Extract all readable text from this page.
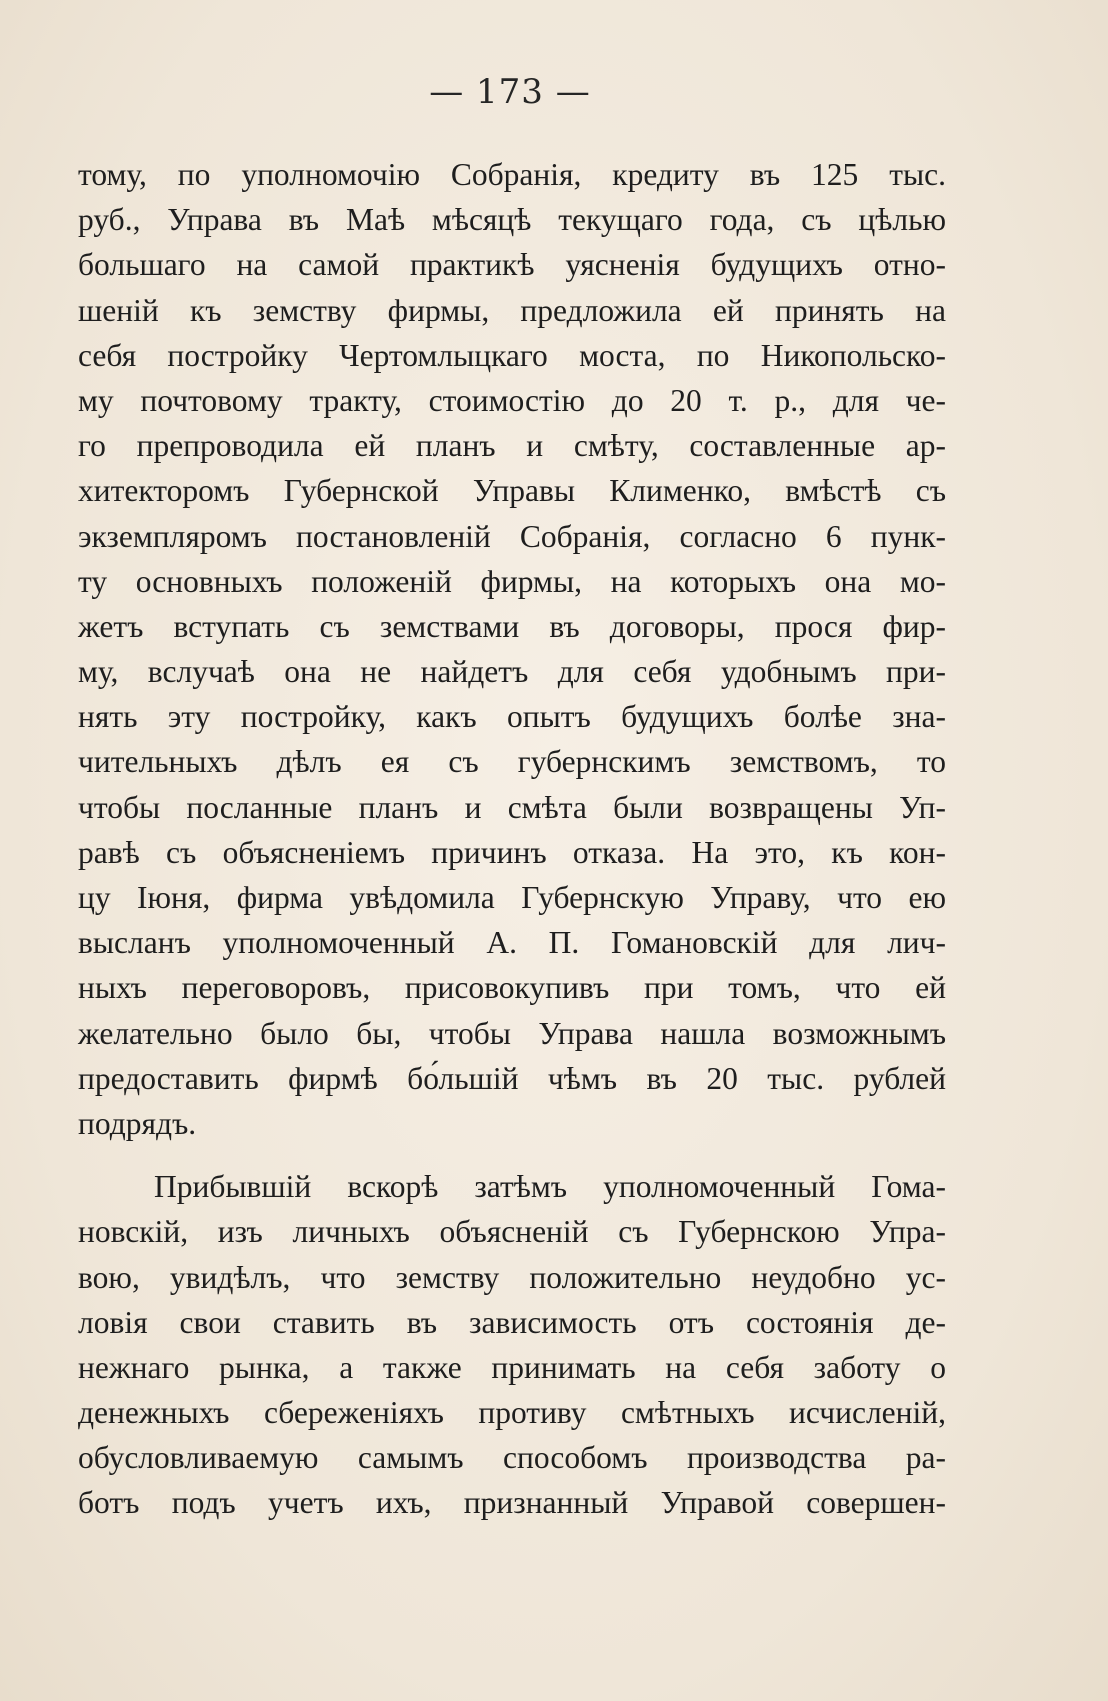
— 173 —
тому, по уполномочію Собранія, кредиту въ 125 тыс.
руб., Управа въ Маѣ мѣсяцѣ текущаго года, съ цѣлью
большаго на самой практикѣ уясненія будущихъ отно-
шеній къ земству фирмы, предложила ей принять на
себя постройку Чертомлыцкаго моста, по Никопольско-
му почтовому тракту, стоимостію до 20 т. р., для че-
го препроводила ей планъ и смѣту, составленные ар-
хитекторомъ Губернской Управы Клименко, вмѣстѣ съ
экземпляромъ постановленій Собранія, согласно 6 пунк-
ту основныхъ положеній фирмы, на которыхъ она мо-
жетъ вступать съ земствами въ договоры, прося фир-
му, вслучаѣ она не найдетъ для себя удобнымъ при-
нять эту постройку, какъ опытъ будущихъ болѣе зна-
чительныхъ дѣлъ ея съ губернскимъ земствомъ, то
чтобы посланные планъ и смѣта были возвращены Уп-
равѣ съ объясненіемъ причинъ отказа. На это, къ кон-
цу Іюня, фирма увѣдомила Губернскую Управу, что ею
высланъ уполномоченный А. П. Гомановскій для лич-
ныхъ переговоровъ, присовокупивъ при томъ, что ей
желательно было бы, чтобы Управа нашла возможнымъ
предоставить фирмѣ бо́льшій чѣмъ въ 20 тыс. рублей
подрядъ.
Прибывшій вскорѣ затѣмъ уполномоченный Гома-
новскій, изъ личныхъ объясненій съ Губернскою Упра-
вою, увидѣлъ, что земству положительно неудобно ус-
ловія свои ставить въ зависимость отъ состоянія де-
нежнаго рынка, а также принимать на себя заботу о
денежныхъ сбереженіяхъ противу смѣтныхъ исчисленій,
обусловливаемую самымъ способомъ производства ра-
ботъ подъ учетъ ихъ, признанный Управой совершен-
